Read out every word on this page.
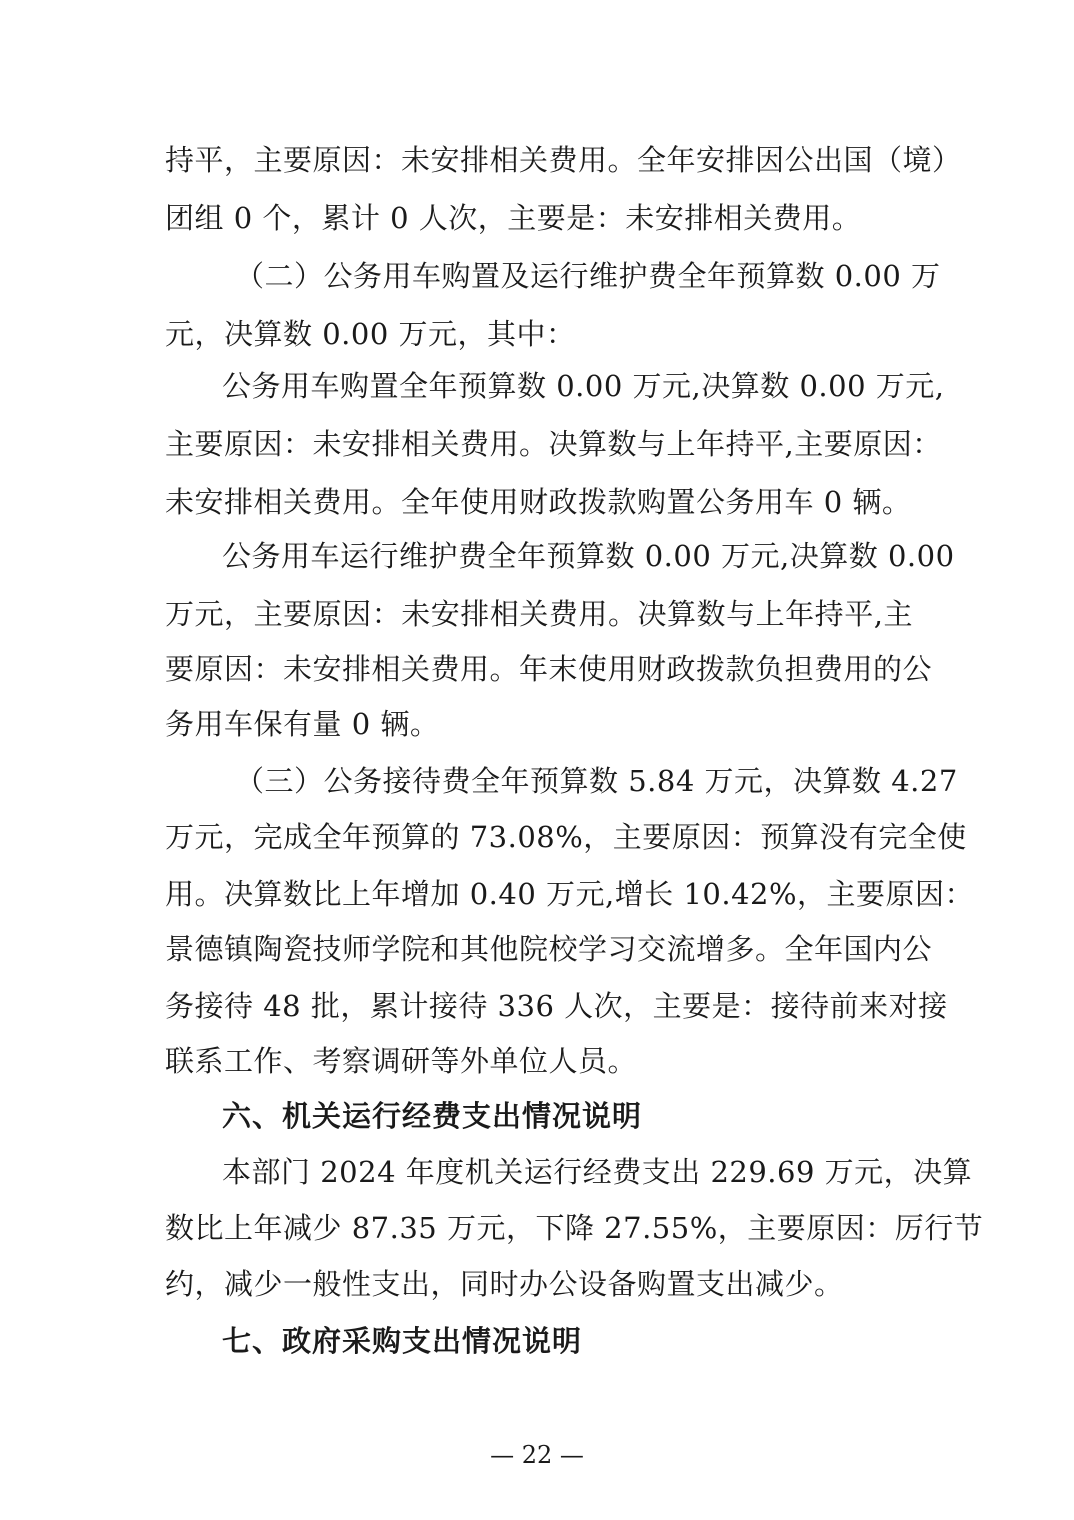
持平，主要原因：未安排相关费用。全年安排因公出国（境）
团组 0 个，累计 0 人次，主要是：未安排相关费用。
（二）公务用车购置及运行维护费全年预算数 0.00 万
元，决算数 0.00 万元，其中：
公务用车购置全年预算数 0.00 万元,决算数 0.00 万元,
主要原因：未安排相关费用。决算数与上年持平,主要原因：
未安排相关费用。全年使用财政拨款购置公务用车 0 辆。
公务用车运行维护费全年预算数 0.00 万元,决算数 0.00
万元，主要原因：未安排相关费用。决算数与上年持平,主
要原因：未安排相关费用。年末使用财政拨款负担费用的公
务用车保有量 0 辆。
（三）公务接待费全年预算数 5.84 万元，决算数 4.27
万元，完成全年预算的 73.08%，主要原因：预算没有完全使
用。决算数比上年增加 0.40 万元,增长 10.42%，主要原因：
景德镇陶瓷技师学院和其他院校学习交流增多。全年国内公
务接待 48 批，累计接待 336 人次，主要是：接待前来对接
联系工作、考察调研等外单位人员。
六、机关运行经费支出情况说明
本部门 2024 年度机关运行经费支出 229.69 万元，决算
数比上年减少 87.35 万元，下降 27.55%，主要原因：厉行节
约，减少一般性支出，同时办公设备购置支出减少。
七、政府采购支出情况说明
— 22 —
